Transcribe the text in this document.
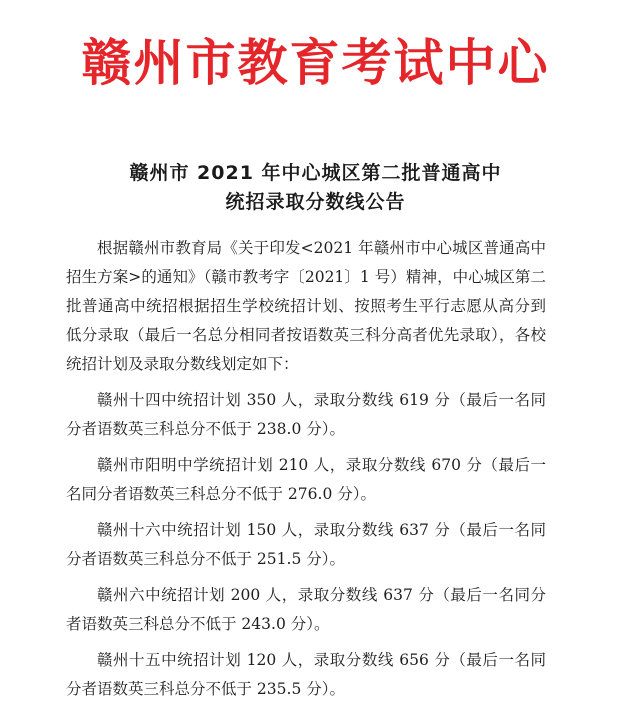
赣州市教育考试中心
赣州市 2021 年中心城区第二批普通高中
统招录取分数线公告

根据赣州市教育局《关于印发<2021 年赣州市中心城区普通高中招生方案>的通知》（赣市教考字〔2021〕1 号）精神，中心城区第二批普通高中统招根据招生学校统招计划、按照考生平行志愿从高分到低分录取（最后一名总分相同者按语数英三科分高者优先录取），各校统招计划及录取分数线划定如下：

赣州十四中统招计划 350 人，录取分数线 619 分（最后一名同分者语数英三科总分不低于 238.0 分）。

赣州市阳明中学统招计划 210 人，录取分数线 670 分（最后一名同分者语数英三科总分不低于 276.0 分）。

赣州十六中统招计划 150 人，录取分数线 637 分（最后一名同分者语数英三科总分不低于 251.5 分）。

赣州六中统招计划 200 人，录取分数线 637 分（最后一名同分者语数英三科总分不低于 243.0 分）。

赣州十五中统招计划 120 人，录取分数线 656 分（最后一名同分者语数英三科总分不低于 235.5 分）。
